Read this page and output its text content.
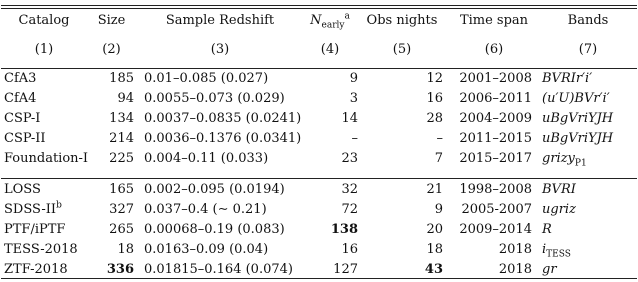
Catalog	Size	Sample Redshift	$N_{early}^a$	Obs nights	Time span	Bands
(1)	(2)	(3)	(4)	(5)	(6)	(7)
CfA3	185 0.01–0.085 (0.027)	9	12	2001–2008 BVRIr′i′
CfA4	94 0.0055–0.073 (0.029)	3	16	2006–2011 (u′U)BVr′i′
CSP-I	134 0.0037–0.0835 (0.0241)	14	28	2004–2009 uBgVriYJH
CSP-II	214 0.0036–0.1376 (0.0341)	–	–	2011–2015 uBgVriYJH
Foundation-I	225 0.004–0.11 (0.033)	23	7	2015–2017 grizy$_{P1}$
LOSS	165 0.002–0.095 (0.0194)	32	21	1998–2008 BVRI
SDSS-$II^b$	327 0.037–0.4 (∼ 0.21)	72	9	2005-2007 ugriz
PTF/iPTF	265 0.00068–0.19 (0.083)	138	20	2009–2014 R
TESS-2018	18 0.0163–0.09 (0.04)	16	18	2018 $i_{TESS}$
ZTF-2018	336 0.01815–0.164 (0.074)	127	43	2018 gr
